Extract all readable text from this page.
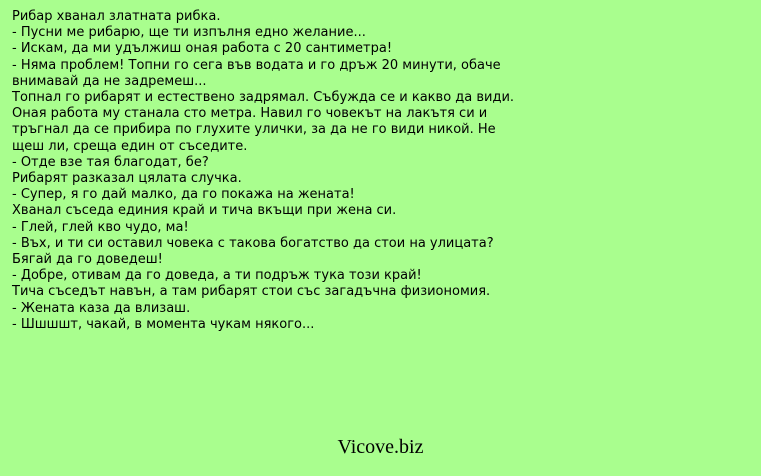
Рибар хванал златната рибка.
- Пусни ме рибарю, ще ти изпълня едно желание...
- Искам, да ми удължиш оная работа с 20 сантиметра!
- Няма проблем! Топни го сега във водата и го дръж 20 минути, обаче
внимавай да не задремеш...
Топнал го рибарят и естествено задрямал. Събужда се и какво да види.
Оная работа му станала сто метра. Навил го човекът на лакътя си и
тръгнал да се прибира по глухите улички, за да не го види никой. Не
щеш ли, среща един от съседите.
- Отде взе тая благодат, бе?
Рибарят разказал цялата случка.
- Супер, я го дай малко, да го покажа на жената!
Хванал съседа единия край и тича вкъщи при жена си.
- Глей, глей кво чудо, ма!
- Въх, и ти си оставил човека с такова богатство да стои на улицата?
Бягай да го доведеш!
- Добре, отивам да го доведа, а ти подръж тука този край!
Тича съседът навън, а там рибарят стои със загадъчна физиономия.
- Жената каза да влизаш.
- Шшшшт, чакай, в момента чукам някого...
Vicove.biz
